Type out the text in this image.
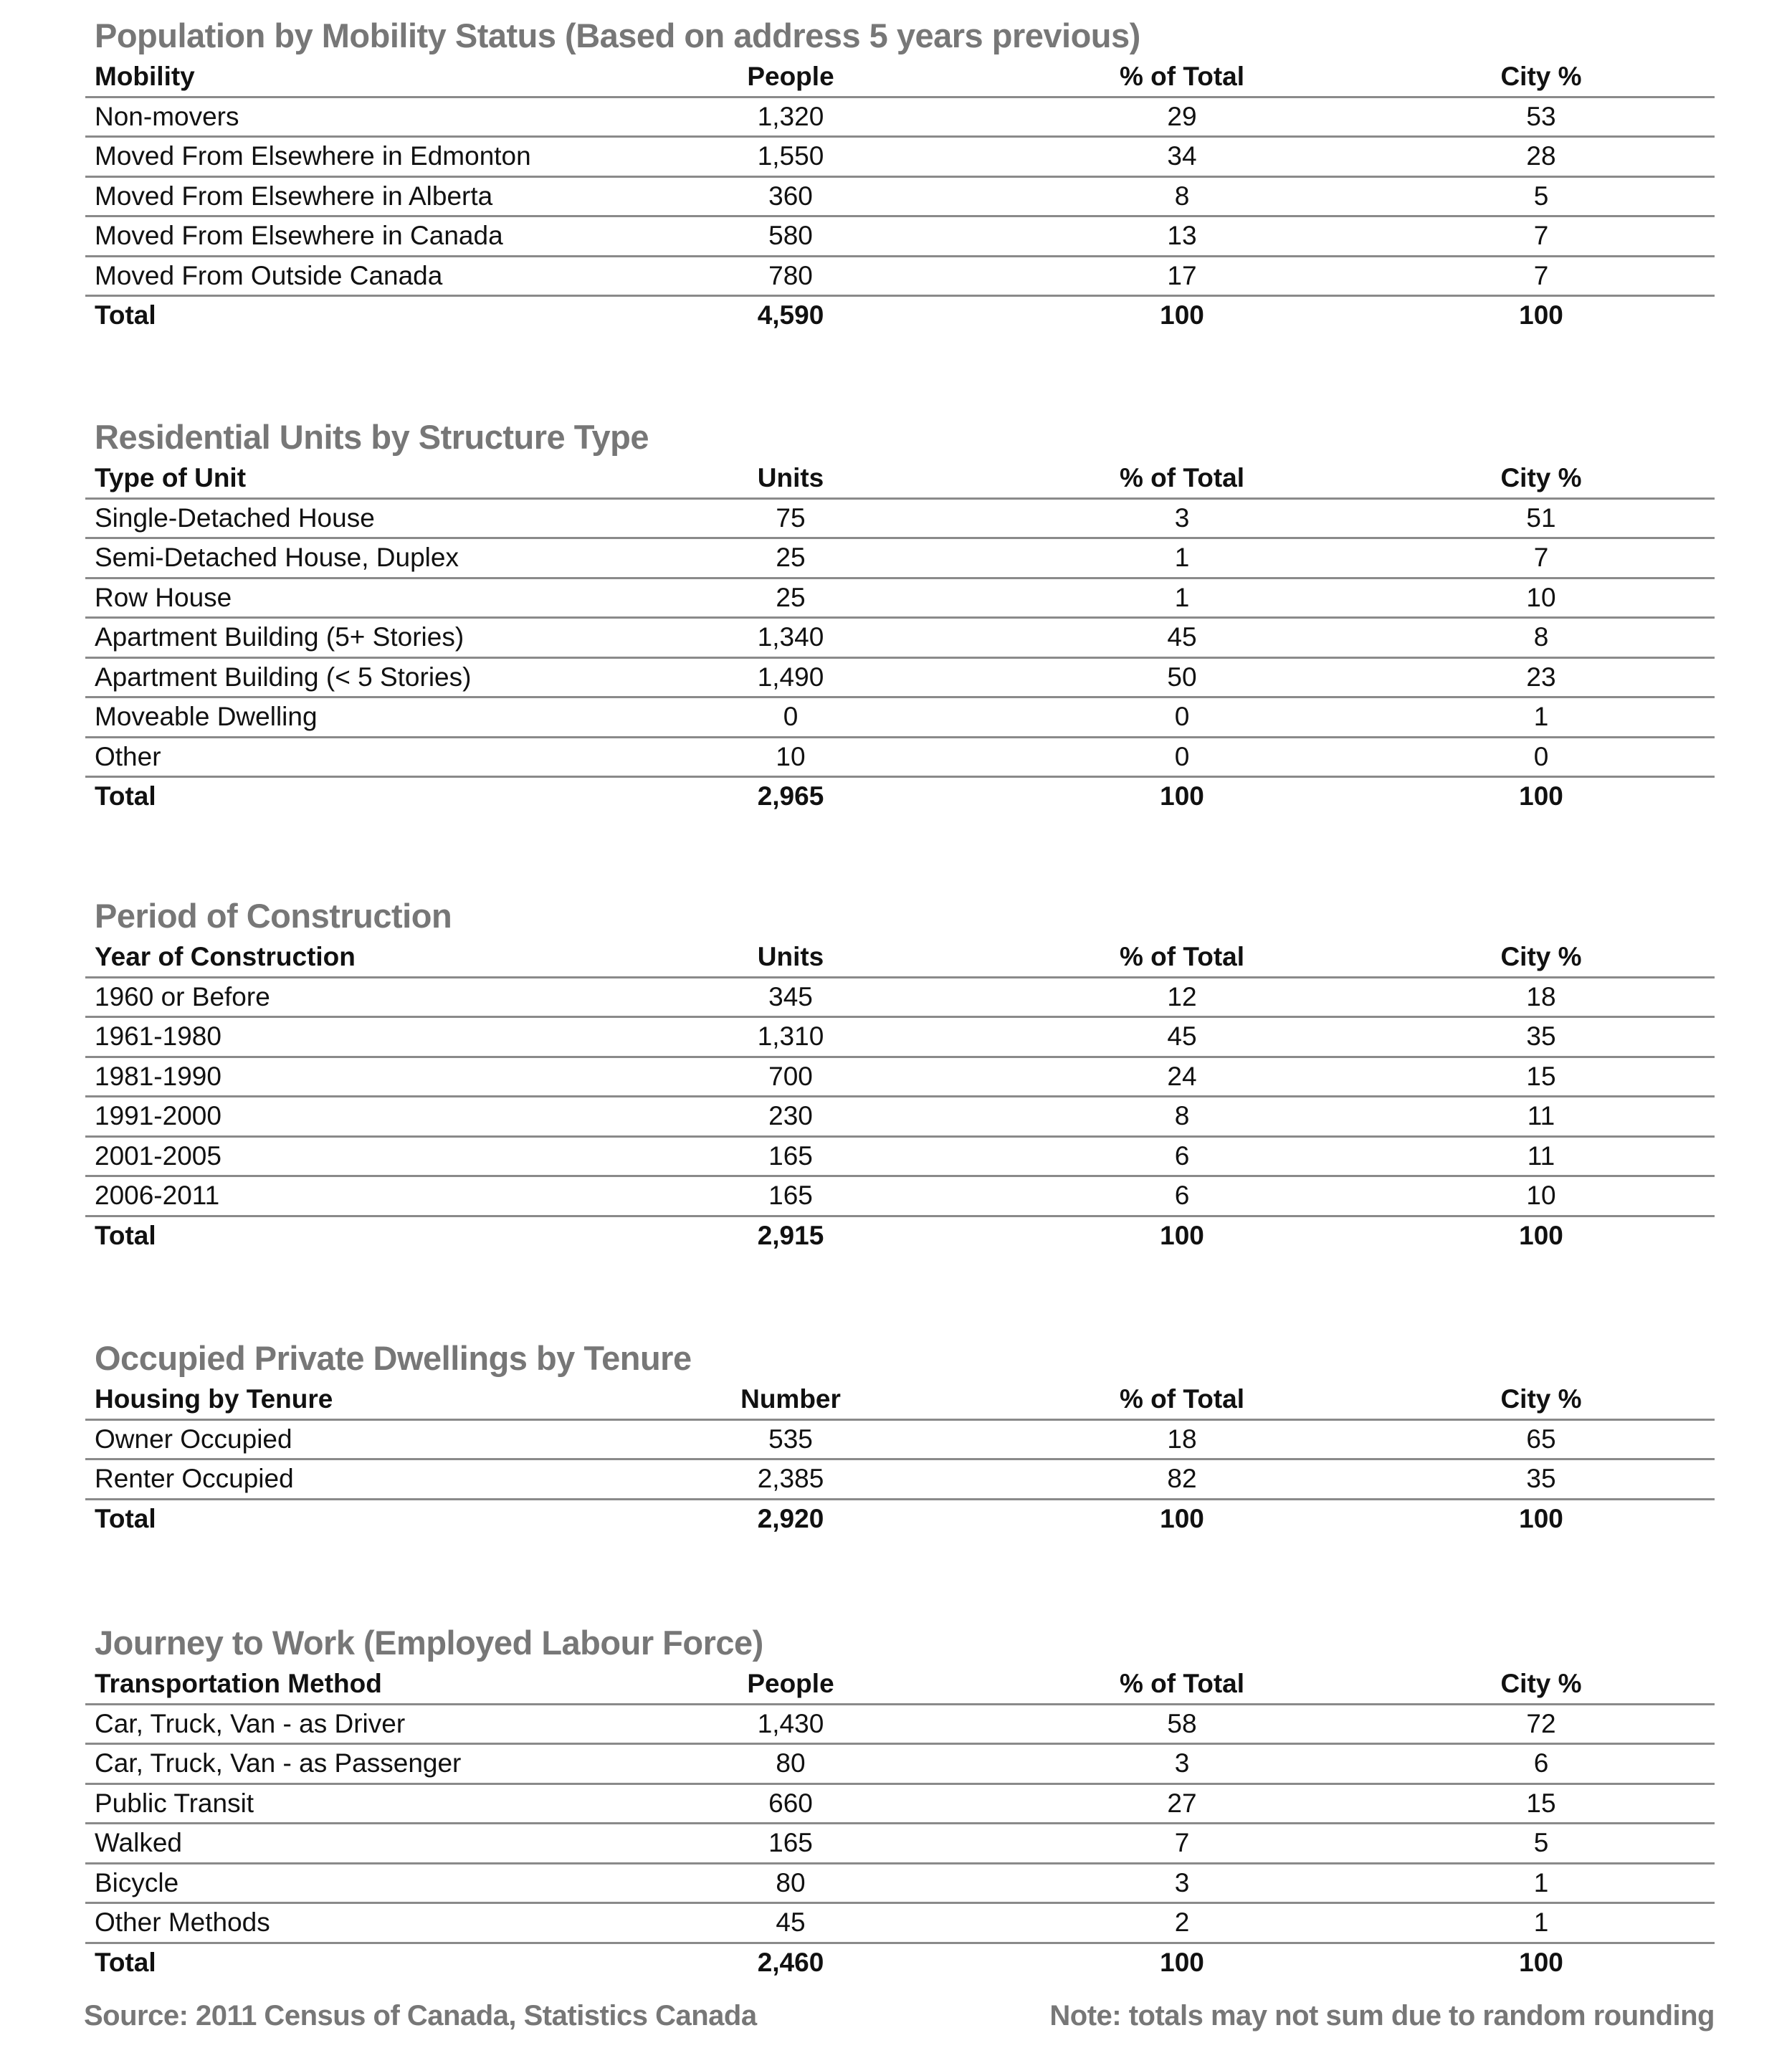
Population by Mobility Status (Based on address 5 years previous)
Mobility	People	% of Total	City %
Non-movers	1,320	29	53
Moved From Elsewhere in Edmonton	1,550	34	28
Moved From Elsewhere in Alberta	360	8	5
Moved From Elsewhere in Canada	580	13	7
Moved From Outside Canada	780	17	7
Total	4,590	100	100
Residential Units by Structure Type
Type of Unit	Units	% of Total	City %
Single-Detached House	75	3	51
Semi-Detached House, Duplex	25	1	7
Row House	25	1	10
Apartment Building (5+ Stories)	1,340	45	8
Apartment Building (< 5 Stories)	1,490	50	23
Moveable Dwelling	0	0	1
Other	10	0	0
Total	2,965	100	100
Period of Construction
Year of Construction	Units	% of Total	City %
1960 or Before	345	12	18
1961-1980	1,310	45	35
1981-1990	700	24	15
1991-2000	230	8	11
2001-2005	165	6	11
2006-2011	165	6	10
Total	2,915	100	100
Occupied Private Dwellings by Tenure
Housing by Tenure	Number	% of Total	City %
Owner Occupied	535	18	65
Renter Occupied	2,385	82	35
Total	2,920	100	100
Journey to Work (Employed Labour Force)
Transportation Method	People	% of Total	City %
Car, Truck, Van - as Driver	1,430	58	72
Car, Truck, Van - as Passenger	80	3	6
Public Transit	660	27	15
Walked	165	7	5
Bicycle	80	3	1
Other Methods	45	2	1
Total	2,460	100	100
Source: 2011 Census of Canada, Statistics Canada	Note: totals may not sum due to random rounding
